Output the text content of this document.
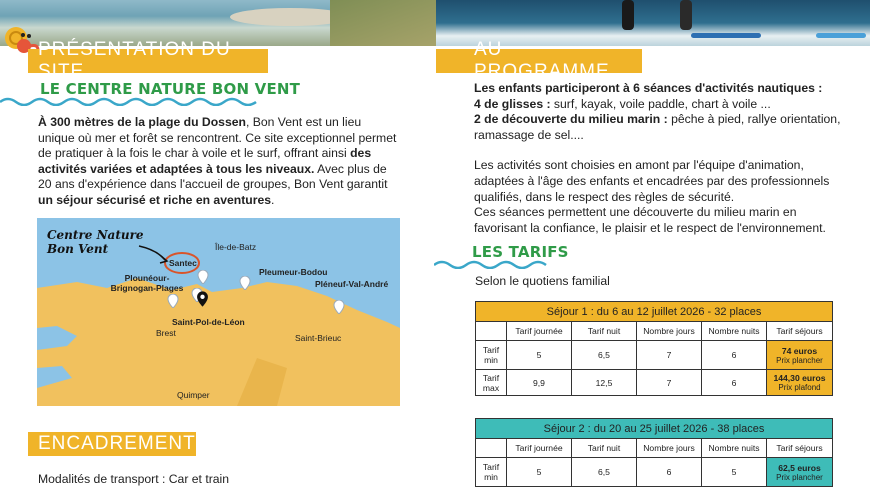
PRÉSENTATION DU SITE
LE CENTRE NATURE BON VENT
À 300 mètres de la plage du Dossen, Bon Vent est un lieu unique où mer et forêt se rencontrent. Ce site exceptionnel permet de pratiquer à la fois le char à voile et le surf, offrant ainsi des activités variées et adaptées à tous les niveaux. Avec plus de 20 ans d'expérience dans l'accueil de groupes, Bon Vent garantit un séjour sécurisé et riche en aventures.
Centre Nature Bon Vent	Île-de-Batz
Santec
Pleumeur-Bodou
Plounéour-Brignogan-Plages	Pléneuf-Val-André
Saint-Pol-de-Léon
Brest	Saint-Brieuc
Quimper
ENCADREMENT
Modalités de transport : Car et train
AU PROGRAMME
Les enfants participeront à 6 séances d'activités nautiques :
4 de glisses : surf, kayak, voile paddle, chart à voile ...
2 de découverte du milieu marin : pêche à pied, rallye orientation, ramassage de sel....
Les activités sont choisies en amont par l'équipe d'animation, adaptées à l'âge des enfants et encadrées par des professionnels qualifiés, dans le respect des règles de sécurité.
Ces séances permettent une découverte du milieu marin en favorisant la confiance, le plaisir et le respect de l'environnement.
LES TARIFS
Selon le quotiens familial
Séjour 1 : du 6 au 12 juillet 2026 - 32 places					
	Tarif journée	Tarif nuit	Nombre jours	Nombre nuits	Tarif séjours
Tarif min	5	6,5	7	6	74 euros
Prix plancher

Tarif max	9,9	12,5	7	6	144,30 euros
Prix plafond
Séjour 2 : du 20 au 25 juillet 2026 - 38 places					
	Tarif journée	Tarif nuit	Nombre jours	Nombre nuits	Tarif séjours
Tarif min	5	6,5	6	5	62,5 euros
Prix plancher
